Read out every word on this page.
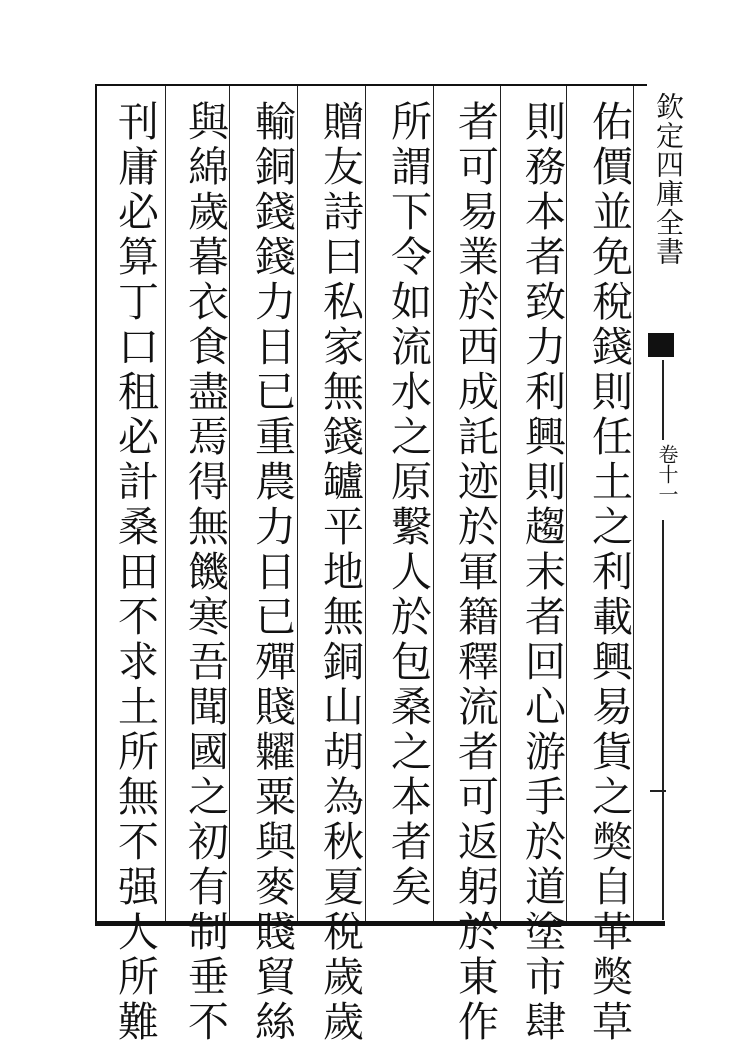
欽定四庫全書
卷十一
佑價並免稅錢則任土之利載興易貨之獘自革獘草
則務本者致力利興則趨末者回心游手於道塗市肆
者可易業於西成託迹於軍籍釋流者可返躬於東作
所謂下令如流水之原繫人於包桑之本者矣
贈友詩曰私家無錢罏平地無銅山胡為秋夏稅歲歲
輸銅錢錢力日已重農力日已殫賤糶粟與麥賤貿絲
與綿歲暮衣食盡焉得無饑寒吾聞國之初有制垂不
刊庸必算丁口租必計桑田不求土所無不强人所難
